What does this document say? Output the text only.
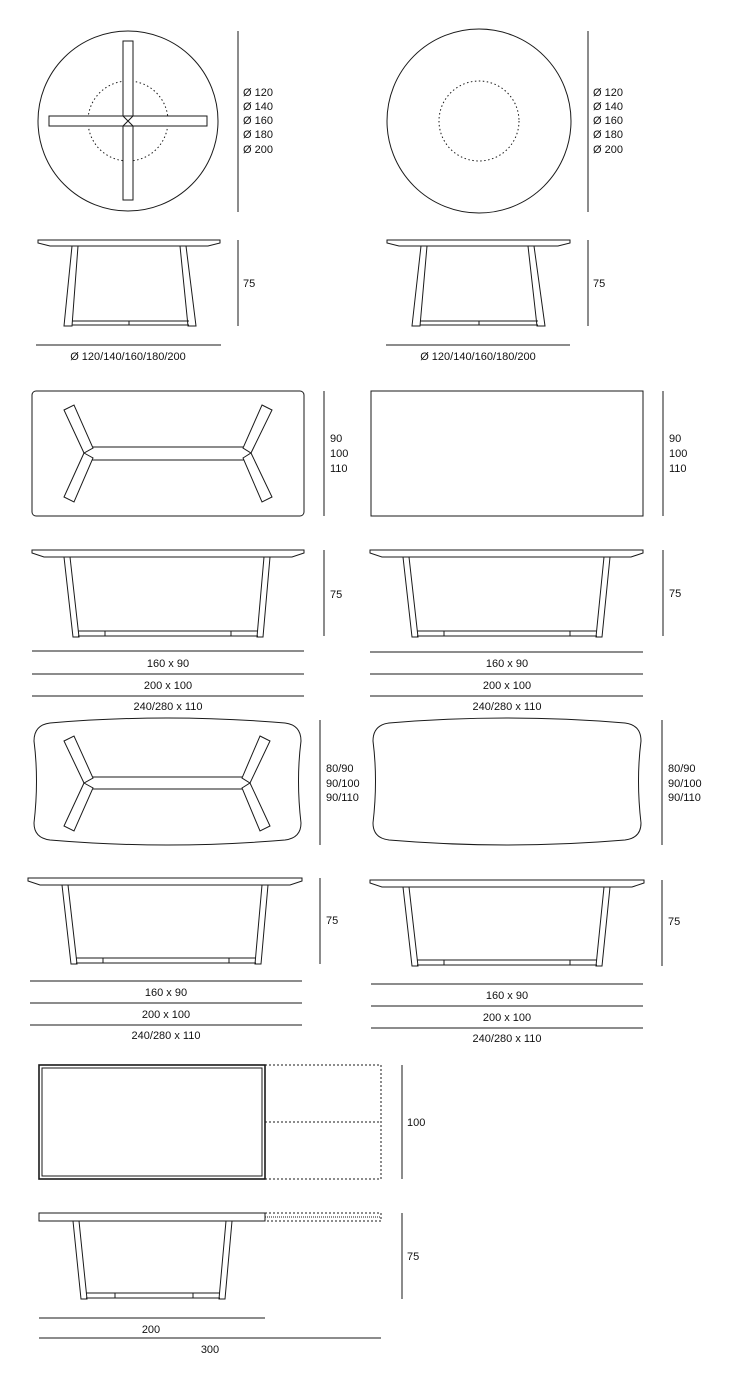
Ø 120
Ø 140
Ø 160
Ø 180
Ø 200
Ø 120
Ø 140
Ø 160
Ø 180
Ø 200
75
Ø 120/140/160/180/200
75
Ø 120/140/160/180/200
90
100
110
90
100
110
75	75
160 x 90
200 x 100
240/280 x 110
160 x 90
200 x 100
240/280 x 110
80/90
90/100
90/110
80/90
90/100
90/110
75	75
160 x 90
200 x 100
240/280 x 110
160 x 90
200 x 100
240/280 x 110
100
75
200
300
